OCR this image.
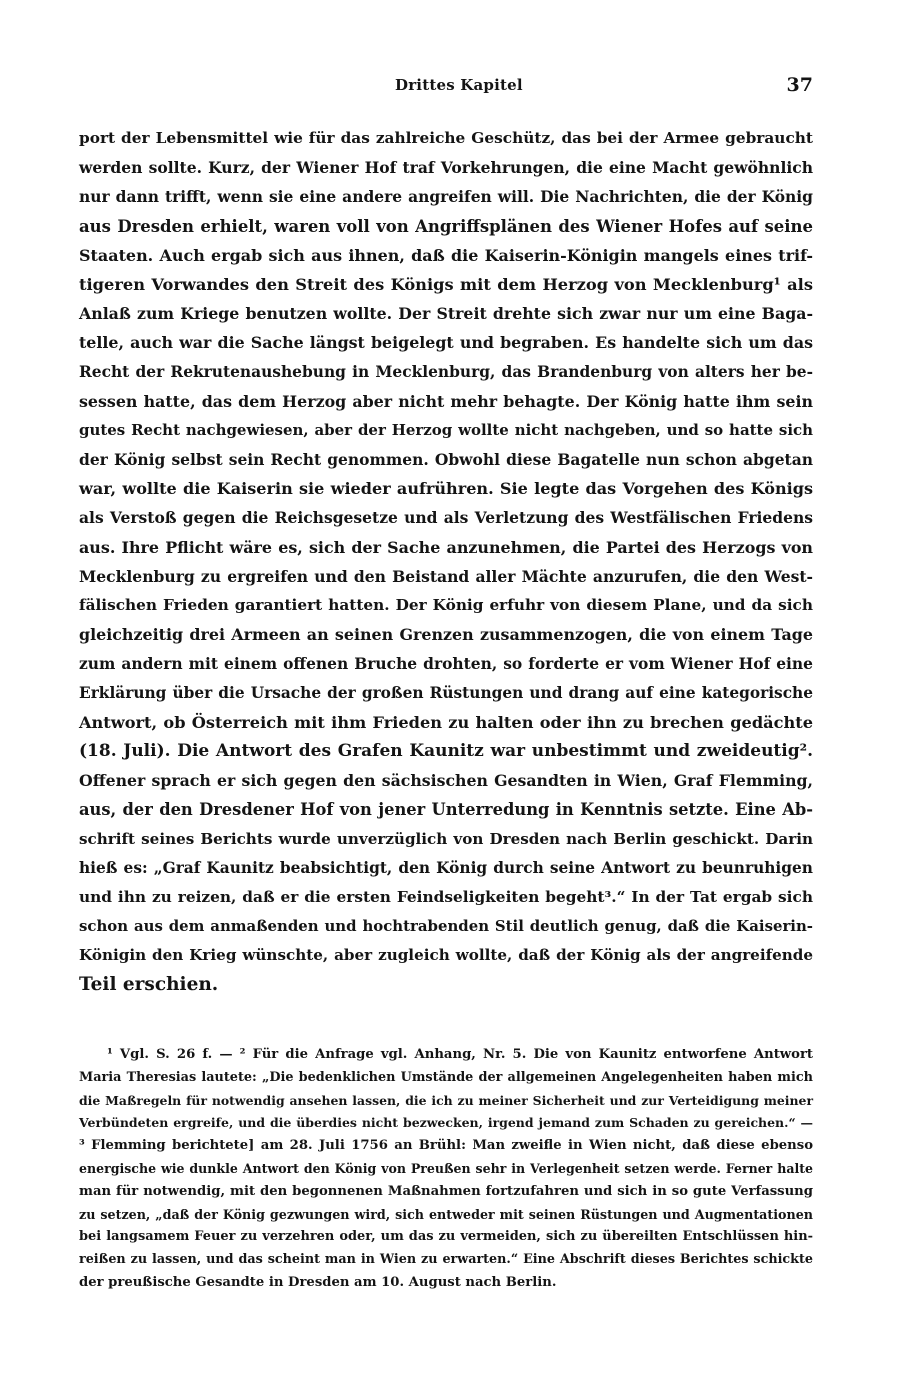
Drittes Kapitel	37
port der Lebensmittel wie für das zahlreiche Geschütz, das bei der Armee gebraucht
werden sollte. Kurz, der Wiener Hof traf Vorkehrungen, die eine Macht gewöhnlich
nur dann trifft, wenn sie eine andere angreifen will. Die Nachrichten, die der König
aus Dresden erhielt, waren voll von Angriffsplänen des Wiener Hofes auf seine
Staaten. Auch ergab sich aus ihnen, daß die Kaiserin-Königin mangels eines trif-
tigeren Vorwandes den Streit des Königs mit dem Herzog von Mecklenburg¹ als
Anlaß zum Kriege benutzen wollte. Der Streit drehte sich zwar nur um eine Baga-
telle, auch war die Sache längst beigelegt und begraben. Es handelte sich um das
Recht der Rekrutenaushebung in Mecklenburg, das Brandenburg von alters her be-
sessen hatte, das dem Herzog aber nicht mehr behagte. Der König hatte ihm sein
gutes Recht nachgewiesen, aber der Herzog wollte nicht nachgeben, und so hatte sich
der König selbst sein Recht genommen. Obwohl diese Bagatelle nun schon abgetan
war, wollte die Kaiserin sie wieder aufrühren. Sie legte das Vorgehen des Königs
als Verstoß gegen die Reichsgesetze und als Verletzung des Westfälischen Friedens
aus. Ihre Pflicht wäre es, sich der Sache anzunehmen, die Partei des Herzogs von
Mecklenburg zu ergreifen und den Beistand aller Mächte anzurufen, die den West-
fälischen Frieden garantiert hatten. Der König erfuhr von diesem Plane, und da sich
gleichzeitig drei Armeen an seinen Grenzen zusammenzogen, die von einem Tage
zum andern mit einem offenen Bruche drohten, so forderte er vom Wiener Hof eine
Erklärung über die Ursache der großen Rüstungen und drang auf eine kategorische
Antwort, ob Österreich mit ihm Frieden zu halten oder ihn zu brechen gedächte
(18. Juli). Die Antwort des Grafen Kaunitz war unbestimmt und zweideutig².
Offener sprach er sich gegen den sächsischen Gesandten in Wien, Graf Flemming,
aus, der den Dresdener Hof von jener Unterredung in Kenntnis setzte. Eine Ab-
schrift seines Berichts wurde unverzüglich von Dresden nach Berlin geschickt. Darin
hieß es: „Graf Kaunitz beabsichtigt, den König durch seine Antwort zu beunruhigen
und ihn zu reizen, daß er die ersten Feindseligkeiten begeht³.“ In der Tat ergab sich
schon aus dem anmaßenden und hochtrabenden Stil deutlich genug, daß die Kaiserin-
Königin den Krieg wünschte, aber zugleich wollte, daß der König als der angreifende
Teil erschien.
¹ Vgl. S. 26 f. — ² Für die Anfrage vgl. Anhang, Nr. 5. Die von Kaunitz entworfene Antwort
Maria Theresias lautete: „Die bedenklichen Umstände der allgemeinen Angelegenheiten haben mich
die Maßregeln für notwendig ansehen lassen, die ich zu meiner Sicherheit und zur Verteidigung meiner
Verbündeten ergreife, und die überdies nicht bezwecken, irgend jemand zum Schaden zu gereichen.“ —
³ Flemming berichtete] am 28. Juli 1756 an Brühl: Man zweifle in Wien nicht, daß diese ebenso
energische wie dunkle Antwort den König von Preußen sehr in Verlegenheit setzen werde. Ferner halte
man für notwendig, mit den begonnenen Maßnahmen fortzufahren und sich in so gute Verfassung
zu setzen, „daß der König gezwungen wird, sich entweder mit seinen Rüstungen und Augmentationen
bei langsamem Feuer zu verzehren oder, um das zu vermeiden, sich zu übereilten Entschlüssen hin-
reißen zu lassen, und das scheint man in Wien zu erwarten.“ Eine Abschrift dieses Berichtes schickte
der preußische Gesandte in Dresden am 10. August nach Berlin.
